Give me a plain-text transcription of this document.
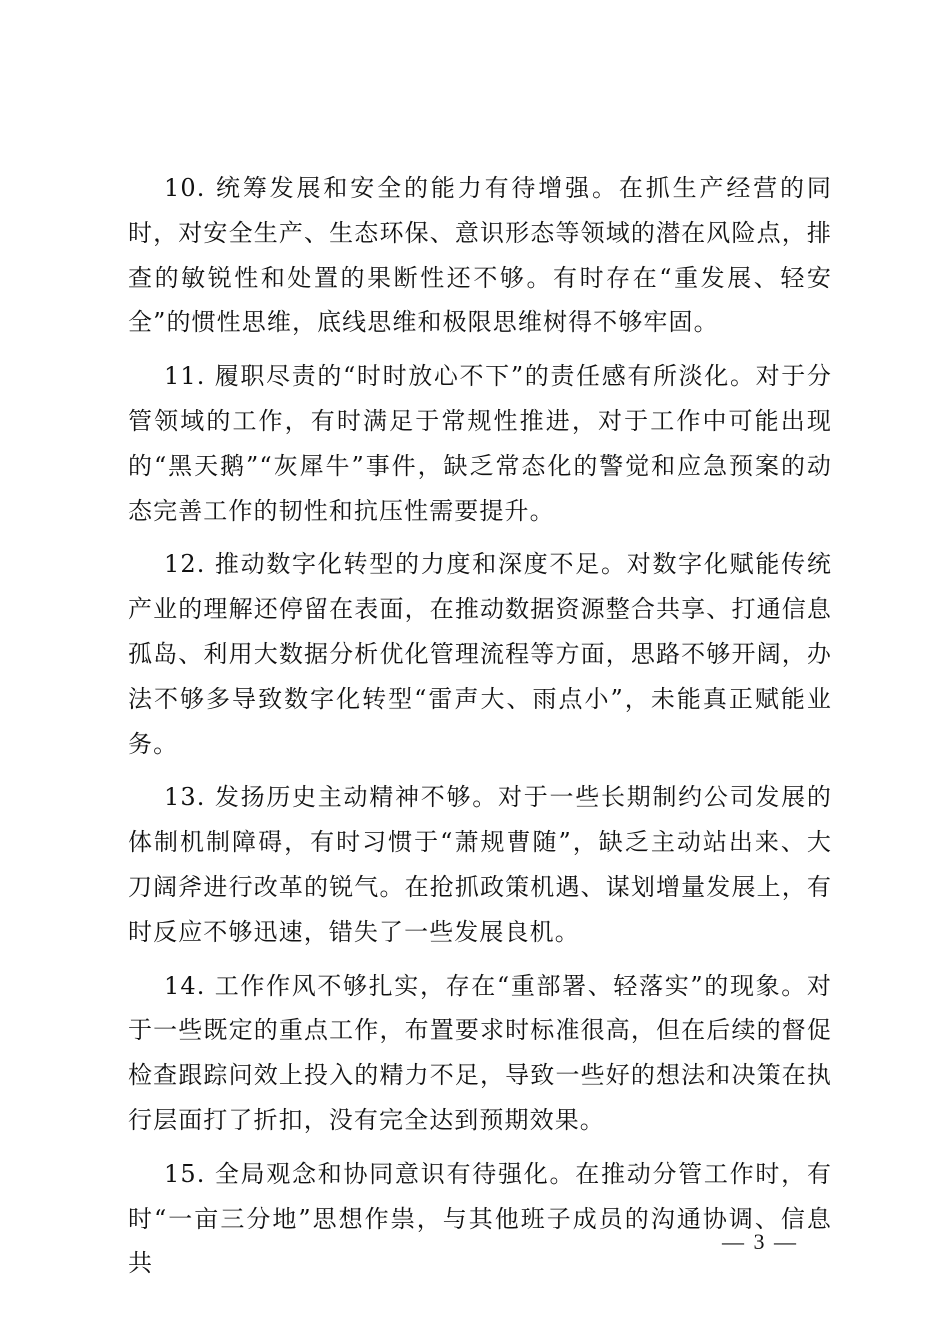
10. 统筹发展和安全的能力有待增强。在抓生产经营的同时，对安全生产、生态环保、意识形态等领域的潜在风险点，排查的敏锐性和处置的果断性还不够。有时存在“重发展、轻安全”的惯性思维，底线思维和极限思维树得不够牢固。

11. 履职尽责的“时时放心不下”的责任感有所淡化。对于分管领域的工作，有时满足于常规性推进，对于工作中可能出现的“黑天鹅”“灰犀牛”事件，缺乏常态化的警觉和应急预案的动态完善工作的韧性和抗压性需要提升。

12. 推动数字化转型的力度和深度不足。对数字化赋能传统产业的理解还停留在表面，在推动数据资源整合共享、打通信息孤岛、利用大数据分析优化管理流程等方面，思路不够开阔，办法不够多导致数字化转型“雷声大、雨点小”，未能真正赋能业务。

13. 发扬历史主动精神不够。对于一些长期制约公司发展的体制机制障碍，有时习惯于“萧规曹随”，缺乏主动站出来、大刀阔斧进行改革的锐气。在抢抓政策机遇、谋划增量发展上，有时反应不够迅速，错失了一些发展良机。

14. 工作作风不够扎实，存在“重部署、轻落实”的现象。对于一些既定的重点工作，布置要求时标准很高，但在后续的督促检查跟踪问效上投入的精力不足，导致一些好的想法和决策在执行层面打了折扣，没有完全达到预期效果。

15. 全局观念和协同意识有待强化。在推动分管工作时，有时“一亩三分地”思想作祟，与其他班子成员的沟通协调、信息共

— 3 —
